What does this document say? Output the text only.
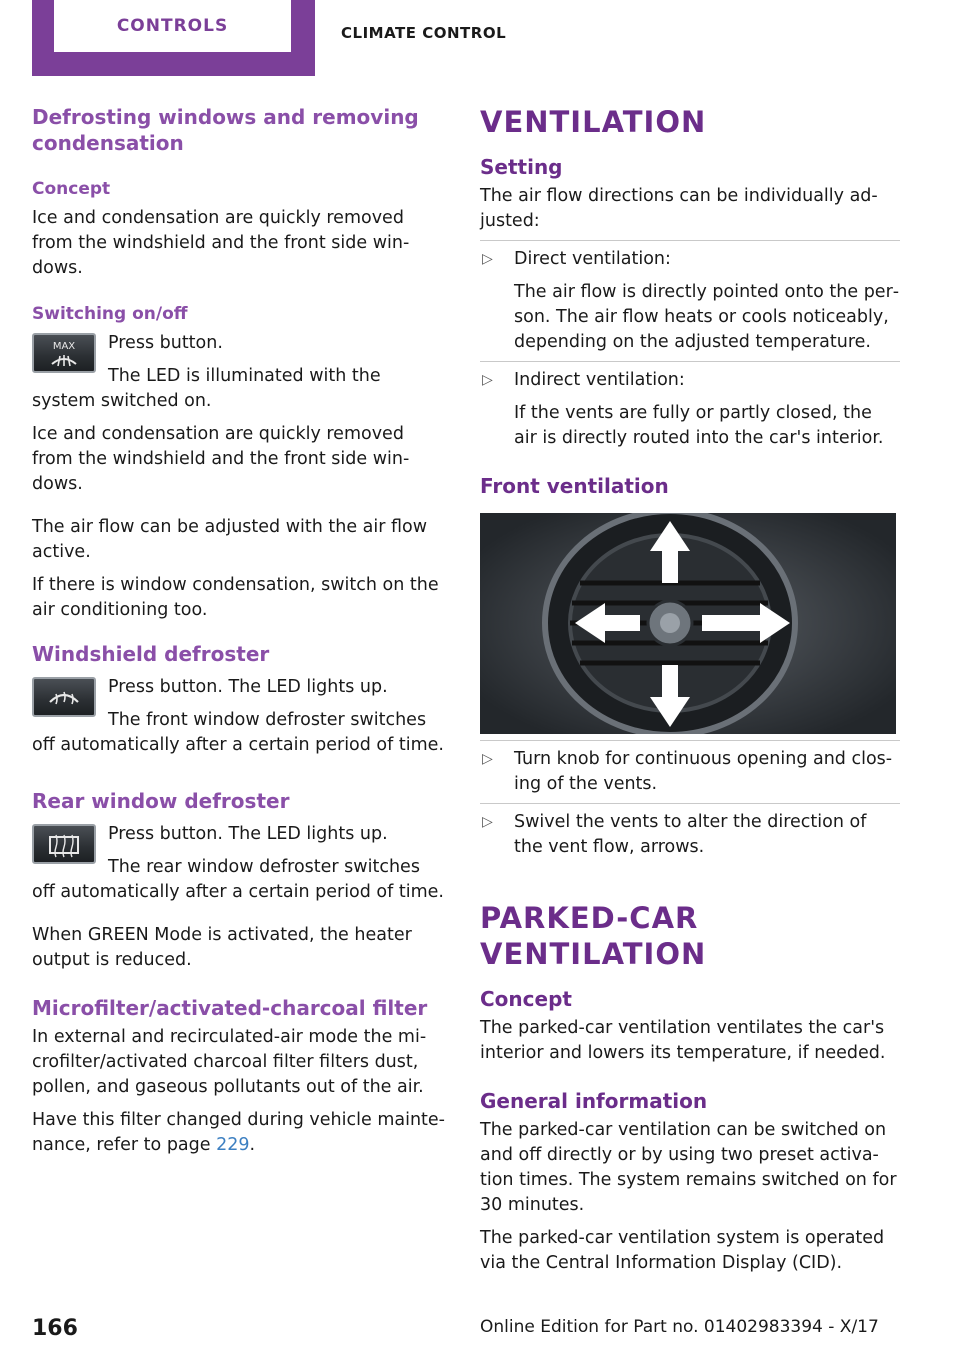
CONTROLS	CLIMATE CONTROL
Defrosting windows and removing condensation
Concept
Ice and condensation are quickly removed from the windshield and the front side windows.
Switching on/off
MAX	Press button.
The LED is illuminated with the system switched on.
Ice and condensation are quickly removed from the windshield and the front side windows.
The air flow can be adjusted with the air flow active.
If there is window condensation, switch on the air conditioning too.
Windshield defroster
Press button. The LED lights up.
The front window defroster switches off automatically after a certain period of time.
Rear window defroster
Press button. The LED lights up.
The rear window defroster switches off automatically after a certain period of time.
When GREEN Mode is activated, the heater output is reduced.
Microfilter/activated-charcoal filter
In external and recirculated-air mode the microfilter/activated charcoal filter filters dust, pollen, and gaseous pollutants out of the air.
Have this filter changed during vehicle maintenance, refer to page 229.
VENTILATION
Setting
The air flow directions can be individually adjusted:
▷ Direct ventilation:
The air flow is directly pointed onto the person. The air flow heats or cools noticeably, depending on the adjusted temperature.
▷ Indirect ventilation:
If the vents are fully or partly closed, the air is directly routed into the car's interior.
Front ventilation
▷ Turn knob for continuous opening and closing of the vents.
▷ Swivel the vents to alter the direction of the vent flow, arrows.
PARKED-CAR VENTILATION
Concept
The parked-car ventilation ventilates the car's interior and lowers its temperature, if needed.
General information
The parked-car ventilation can be switched on and off directly or by using two preset activation times. The system remains switched on for 30 minutes.
The parked-car ventilation system is operated via the Central Information Display (CID).
166	Online Edition for Part no. 01402983394 - X/17
